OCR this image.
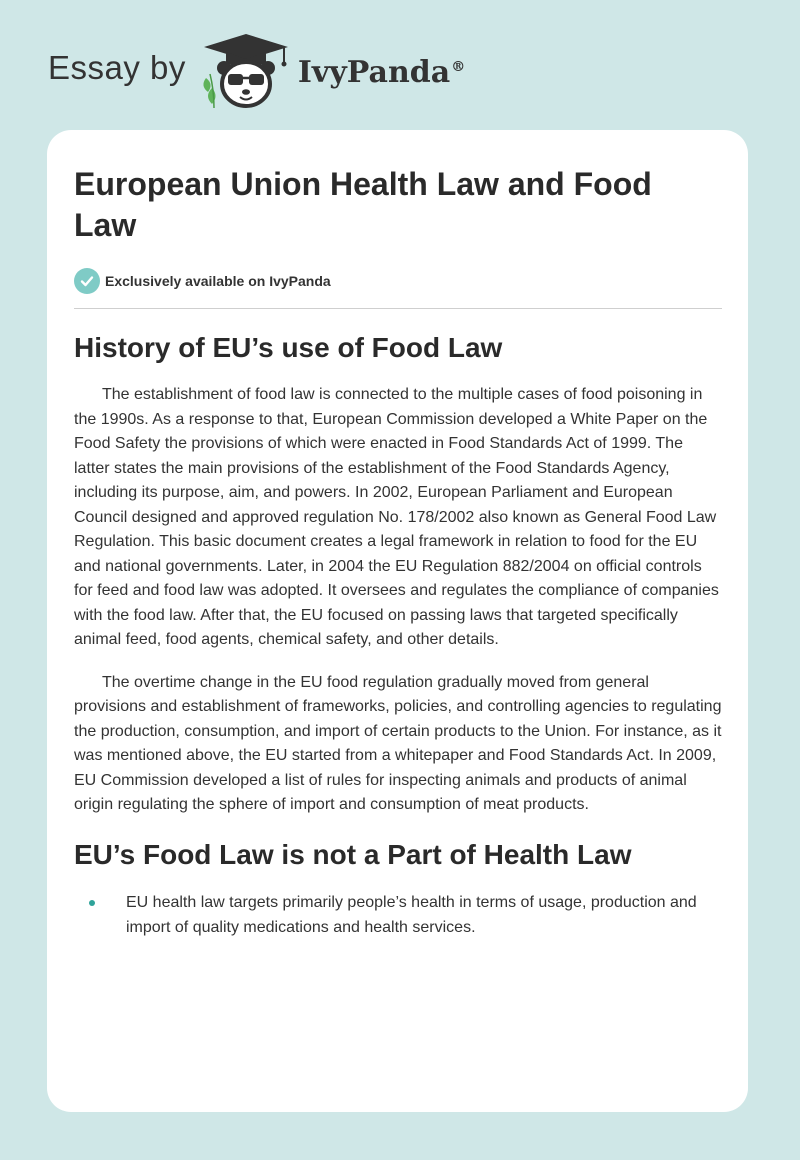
Essay by	IvyPanda®
European Union Health Law and Food Law
Exclusively available on IvyPanda
History of EU’s use of Food Law

The establishment of food law is connected to the multiple cases of food poisoning in the 1990s. As a response to that, European Commission developed a White Paper on the Food Safety the provisions of which were enacted in Food Standards Act of 1999. The latter states the main provisions of the establishment of the Food Standards Agency, including its purpose, aim, and powers. In 2002, European Parliament and European Council designed and approved regulation No. 178/2002 also known as General Food Law Regulation. This basic document creates a legal framework in relation to food for the EU and national governments. Later, in 2004 the EU Regulation 882/2004 on official controls for feed and food law was adopted. It oversees and regulates the compliance of companies with the food law. After that, the EU focused on passing laws that targeted specifically animal feed, food agents, chemical safety, and other details.

The overtime change in the EU food regulation gradually moved from general provisions and establishment of frameworks, policies, and controlling agencies to regulating the production, consumption, and import of certain products to the Union. For instance, as it was mentioned above, the EU started from a whitepaper and Food Standards Act. In 2009, EU Commission developed a list of rules for inspecting animals and products of animal origin regulating the sphere of import and consumption of meat products.

EU’s Food Law is not a Part of Health Law
EU health law targets primarily people’s health in terms of usage, production and import of quality medications and health services.
